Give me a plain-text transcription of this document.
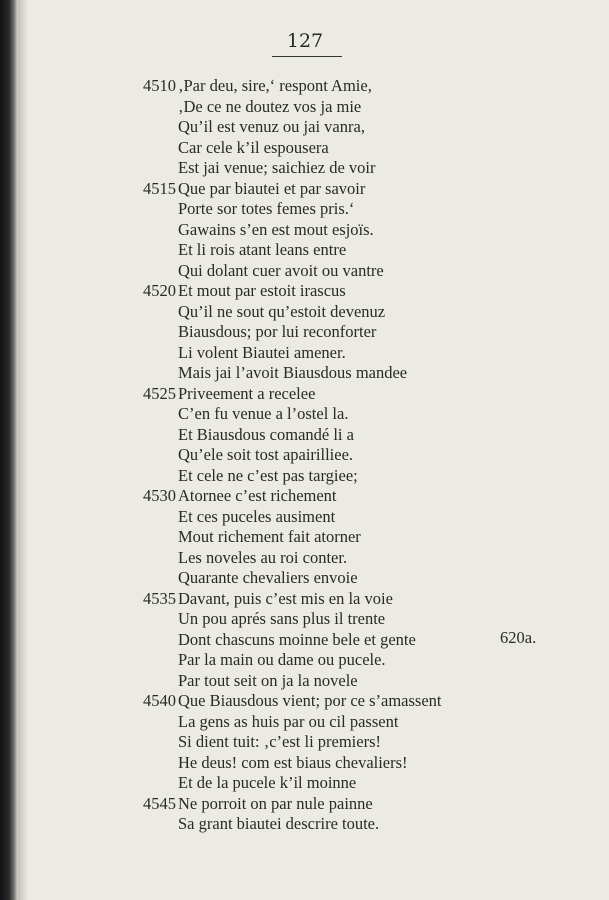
127
4510 ‚Par deu, sire,‘ respont Amie,
‚De ce ne doutez vos ja mie
Qu’il est venuz ou jai vanra,
Car cele k’il espousera
Est jai venue; saichiez de voir
4515 Que par biautei et par savoir
Porte sor totes femes pris.‘
Gawains s’en est mout esjoïs.
Et li rois atant leans entre
Qui dolant cuer avoit ou vantre
4520 Et mout par estoit irascus
Qu’il ne sout qu’estoit devenuz
Biausdous; por lui reconforter
Li volent Biautei amener.
Mais jai l’avoit Biausdous mandee
4525 Priveement a recelee
C’en fu venue a l’ostel la.
Et Biausdous comandé li a
Qu’ele soit tost apairilliee.
Et cele ne c’est pas targiee;
4530 Atornee c’est richement
Et ces puceles ausiment
Mout richement fait atorner
Les noveles au roi conter.
Quarante chevaliers envoie
4535 Davant, puis c’est mis en la voie
Un pou aprés sans plus il trente
Dont chascuns moinne bele et gente
Par la main ou dame ou pucele.
Par tout seit on ja la novele
4540 Que Biausdous vient; por ce s’amassent
La gens as huis par ou cil passent
Si dient tuit: ‚c’est li premiers!
He deus! com est biaus chevaliers!
Et de la pucele k’il moinne
4545 Ne porroit on par nule painne
Sa grant biautei descrire toute.
620a.
